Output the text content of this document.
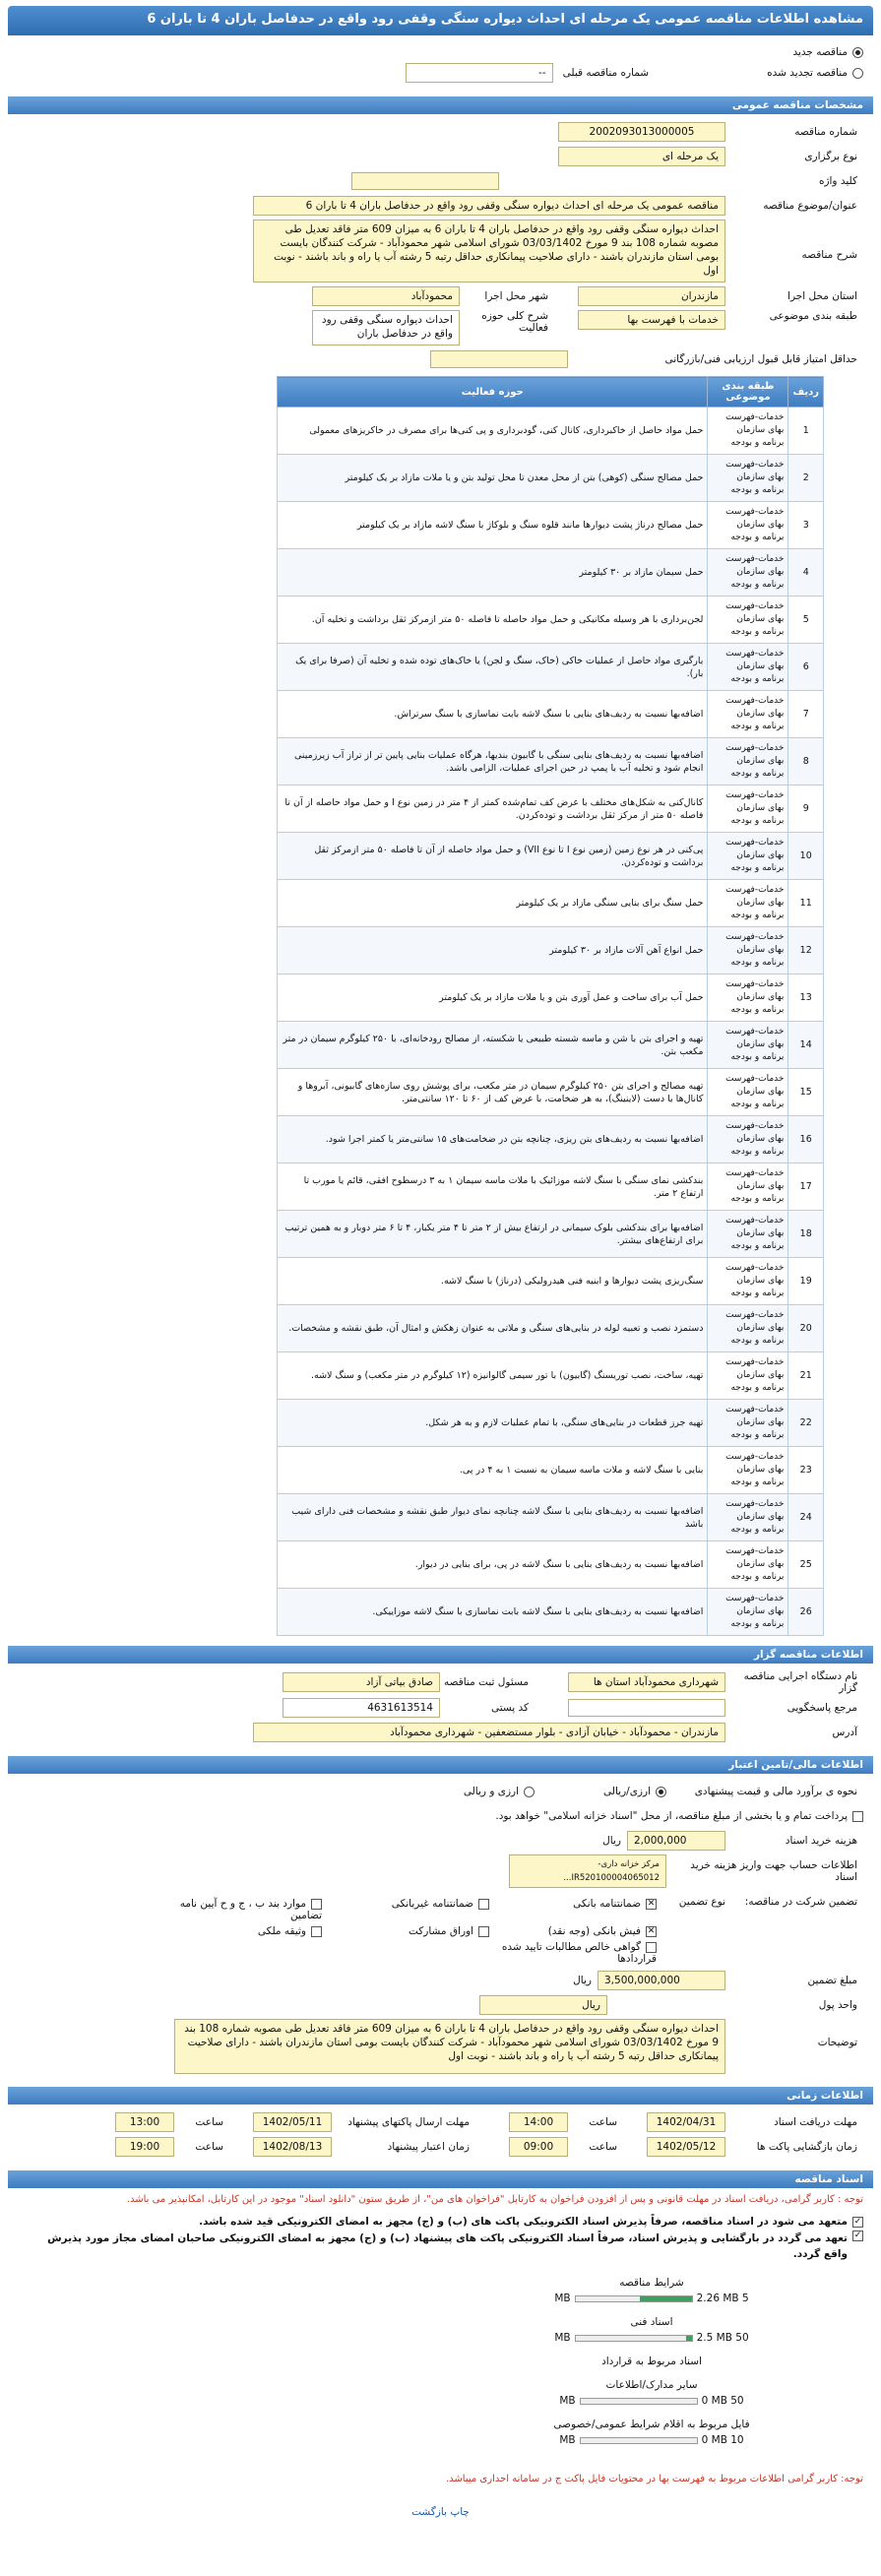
مشاهده اطلاعات مناقصه عمومی یک مرحله ای احداث دیواره سنگی وقفی رود واقع در حدفاصل باران 4 تا باران 6
مناقصه جدید
مناقصه تجدید شده
شماره مناقصه قبلی
--
مشخصات مناقصه عمومی
شماره مناقصه
2002093013000005
نوع برگزاری
یک مرحله ای
کلید واژه
عنوان/موضوع مناقصه
مناقصه عمومی یک مرحله ای احداث دیواره سنگی وقفی رود واقع در حدفاصل باران 4 تا باران 6
شرح مناقصه
احداث دیواره سنگی وقفی رود واقع در حدفاصل باران 4 تا باران 6 به میزان 609 متر فاقد تعدیل طی مصوبه شماره 108 بند 9 مورخ 03/03/1402 شورای اسلامی شهر محمودآباد - شرکت کنندگان بایست بومی استان مازندران باشند - دارای صلاحیت پیمانکاری حداقل رتبه 5 رشته آب یا راه و باند باشند - نوبت اول
استان محل اجرا
مازندران
شهر محل اجرا
محمودآباد
طبقه بندی موضوعی
خدمات با فهرست بها
شرح کلی حوزه فعالیت
احداث دیواره سنگی وقفی رود واقع در حدفاصل باران
حداقل امتیاز قابل قبول ارزیابی فنی/بازرگانی
ردیف	طبقه بندی موضوعی	حوزه فعالیت
1	خدمات-فهرست بهای سازمان برنامه و بودجه	حمل مواد حاصل از خاکبرداری، کانال کنی، گودبرداری و پی کنی‌ها برای مصرف در خاکریزهای معمولی
2	خدمات-فهرست بهای سازمان برنامه و بودجه	حمل مصالح سنگی (کوهی) بتن از محل معدن تا محل تولید بتن و یا ملات مازاد بر یک کیلومتر
3	خدمات-فهرست بهای سازمان برنامه و بودجه	حمل مصالح درناژ پشت دیوارها مانند قلوه سنگ و بلوکاژ با سنگ لاشه مازاد بر یک کیلومتر
4	خدمات-فهرست بهای سازمان برنامه و بودجه	حمل سیمان مازاد بر ۳۰ کیلومتر
5	خدمات-فهرست بهای سازمان برنامه و بودجه	لجن‌برداری با هر وسیله مکانیکی و حمل مواد حاصله تا فاصله ۵۰ متر ازمرکز ثقل برداشت و تخلیه آن.
6	خدمات-فهرست بهای سازمان برنامه و بودجه	بارگیری مواد حاصل از عملیات خاکی (خاک، سنگ و لجن) یا خاک‌های توده شده و تخلیه آن (صرفا برای یک بار).
7	خدمات-فهرست بهای سازمان برنامه و بودجه	اضافه‌بها نسبت به ردیف‌های بنایی با سنگ لاشه بابت نماسازی با سنگ سرتراش.
8	خدمات-فهرست بهای سازمان برنامه و بودجه	اضافه‌بها نسبت به ردیف‌های بنایی سنگی با گابیون بندیها، هرگاه عملیات بنایی پایین تر از تراز آب زیرزمینی انجام شود و تخلیه آب با پمپ در حین اجرای عملیات، الزامی باشد.
9	خدمات-فهرست بهای سازمان برنامه و بودجه	کانال‌کنی به شکل‌های مختلف با عرض کف تمام‌شده کمتر از ۴ متر در زمین نوع I و حمل مواد حاصله از آن تا فاصله ۵۰ متر از مرکز ثقل برداشت و توده‌کردن.
10	خدمات-فهرست بهای سازمان برنامه و بودجه	پی‌کنی در هر نوع زمین (زمین نوع I تا نوع VII) و حمل مواد حاصله از آن تا فاصله ۵۰ متر ازمرکز ثقل برداشت و توده‌کردن.
11	خدمات-فهرست بهای سازمان برنامه و بودجه	حمل سنگ برای بنایی سنگی مازاد بر یک کیلومتر
12	خدمات-فهرست بهای سازمان برنامه و بودجه	حمل انواع آهن آلات مازاد بر ۳۰ کیلومتر
13	خدمات-فهرست بهای سازمان برنامه و بودجه	حمل آب برای ساخت و عمل آوری بتن و یا ملات مازاد بر یک کیلومتر
14	خدمات-فهرست بهای سازمان برنامه و بودجه	تهیه و اجرای بتن با شن و ماسه شسته طبیعی یا شکسته، از مصالح رودخانه‌ای، با ۲۵۰ کیلوگرم سیمان در متر مکعب بتن.
15	خدمات-فهرست بهای سازمان برنامه و بودجه	تهیه مصالح و اجرای بتن ۲۵۰ کیلوگرم سیمان در متر مکعب، برای پوشش روی سازه‌های گابیونی، آبروها و کانال‌ها با دست (لاینینگ)، به هر ضخامت، با عرض کف از ۶۰ تا ۱۲۰ سانتی‌متر.
16	خدمات-فهرست بهای سازمان برنامه و بودجه	اضافه‌بها نسبت به ردیف‌های بتن ریزی، چنانچه بتن در ضخامت‌های ۱۵ سانتی‌متر یا کمتر اجرا شود.
17	خدمات-فهرست بهای سازمان برنامه و بودجه	بندکشی نمای سنگی با سنگ لاشه موزائیک با ملات ماسه سیمان ۱ به ۳ درسطوح افقی، قائم یا مورب تا ارتفاع ۲ متر.
18	خدمات-فهرست بهای سازمان برنامه و بودجه	اضافه‌بها برای بندکشی بلوک سیمانی در ارتفاع بیش از ۲ متر تا ۴ متر یکبار، ۴ تا ۶ متر دوبار و به همین ترتیب برای ارتفاع‌های بیشتر.
19	خدمات-فهرست بهای سازمان برنامه و بودجه	سنگ‌ریزی پشت دیوارها و ابنیه فنی هیدرولیکی (درناژ) با سنگ لاشه.
20	خدمات-فهرست بهای سازمان برنامه و بودجه	دستمزد نصب و تعبیه لوله در بنایی‌های سنگی و ملاتی به عنوان زهکش و امثال آن، طبق نقشه و مشخصات.
21	خدمات-فهرست بهای سازمان برنامه و بودجه	تهیه، ساخت، نصب توریسنگ (گابیون) با تور سیمی گالوانیزه (۱۲ کیلوگرم در متر مکعب) و سنگ لاشه.
22	خدمات-فهرست بهای سازمان برنامه و بودجه	تهیه جرز قطعات در بنایی‌های سنگی، با تمام عملیات لازم و به هر شکل.
23	خدمات-فهرست بهای سازمان برنامه و بودجه	بنایی با سنگ لاشه و ملات ماسه سیمان به نسبت ۱ به ۴ در پی.
24	خدمات-فهرست بهای سازمان برنامه و بودجه	اضافه‌بها نسبت به ردیف‌های بنایی با سنگ لاشه چنانچه نمای دیوار طبق نقشه و مشخصات فنی دارای شیب باشد
25	خدمات-فهرست بهای سازمان برنامه و بودجه	اضافه‌بها نسبت به ردیف‌های بنایی با سنگ لاشه در پی، برای بنایی در دیوار.
26	خدمات-فهرست بهای سازمان برنامه و بودجه	اضافه‌بها نسبت به ردیف‌های بنایی با سنگ لاشه بابت نماسازی با سنگ لاشه موزاییکی.
اطلاعات مناقصه گزار
نام دستگاه اجرایی مناقصه گزار
شهرداری محمودآباد استان ها
مسئول ثبت مناقصه
صادق بیاتی آزاد
مرجع پاسخگویی
کد پستی
4631613514
آدرس
مازندران - محمودآباد - خیابان آزادی - بلوار مستضعفین - شهرداری محمودآباد
اطلاعات مالی/تامین اعتبار
نحوه ی برآورد مالی و قیمت پیشنهادی
ارزی/ریالی
ارزی و ریالی
پرداخت تمام و یا بخشی از مبلغ مناقصه، از محل "اسناد خزانه اسلامی" خواهد بود.
هزینه خرید اسناد
2,000,000
ریال
اطلاعات حساب جهت واریز هزینه خرید اسناد
مرکز خزانه داری-IR520100004065012...
تضمین شرکت در مناقصه:
نوع تضمین
✕ضمانتنامه بانکی
ضمانتنامه غیربانکی
موارد بند ب ، ج و ح آیین نامه تضامین
✕فیش بانکی (وجه نقد)
اوراق مشارکت
وثیقه ملکی
گواهی خالص مطالبات تایید شده قراردادها
مبلغ تضمین
3,500,000,000
ریال
واحد پول
ریال
توضیحات
احداث دیواره سنگی وقفی رود واقع در حدفاصل باران 4 تا باران 6 به میزان 609 متر فاقد تعدیل طی مصوبه شماره 108 بند 9 مورخ 03/03/1402 شورای اسلامی شهر محمودآباد - شرکت کنندگان بایست بومی استان مازندران باشند - دارای صلاحیت پیمانکاری حداقل رتبه 5 رشته آب یا راه و باند باشند - نوبت اول
اطلاعات زمانی
مهلت دریافت اسناد
1402/04/31
ساعت
14:00
مهلت ارسال پاکتهای پیشنهاد
1402/05/11
ساعت
13:00
زمان بازگشایی پاکت ها
1402/05/12
ساعت
09:00
زمان اعتبار پیشنهاد
1402/08/13
ساعت
19:00
اسناد مناقصه
توجه : کاربر گرامی، دریافت اسناد در مهلت قانونی و پس از افزودن فراخوان به کارتابل "فراخوان های من"، از طریق ستون "دانلود اسناد" موجود در این کارتابل، امکانپذیر می باشد.
✓
متعهد می شود در اسناد مناقصه، صرفاً پذیرش اسناد الکترونیکی پاکت های (ب) و (ج) مجهز به امضای الکترونیکی قید شده باشد.
✓
تعهد می گردد در بارگشایی و پذیرش اسناد، صرفاً اسناد الکترونیکی پاکت های پیشنهاد (ب) و (ج) مجهز به امضای الکترونیکی صاحبان امضای مجاز مورد پذیرش واقع گردد.
شرایط مناقصه
5 MB
2.26 MB
اسناد فنی
50 MB
2.5 MB
اسناد مربوط به قرارداد
سایر مدارک/اطلاعات
50 MB
0 MB
فایل مربوط به اقلام شرایط عمومی/خصوصی
10 MB
0 MB
توجه: کاربر گرامی اطلاعات مربوط به فهرست بها در محتویات فایل پاکت ج در سامانه احداری میباشد.
چاپ بازگشت
